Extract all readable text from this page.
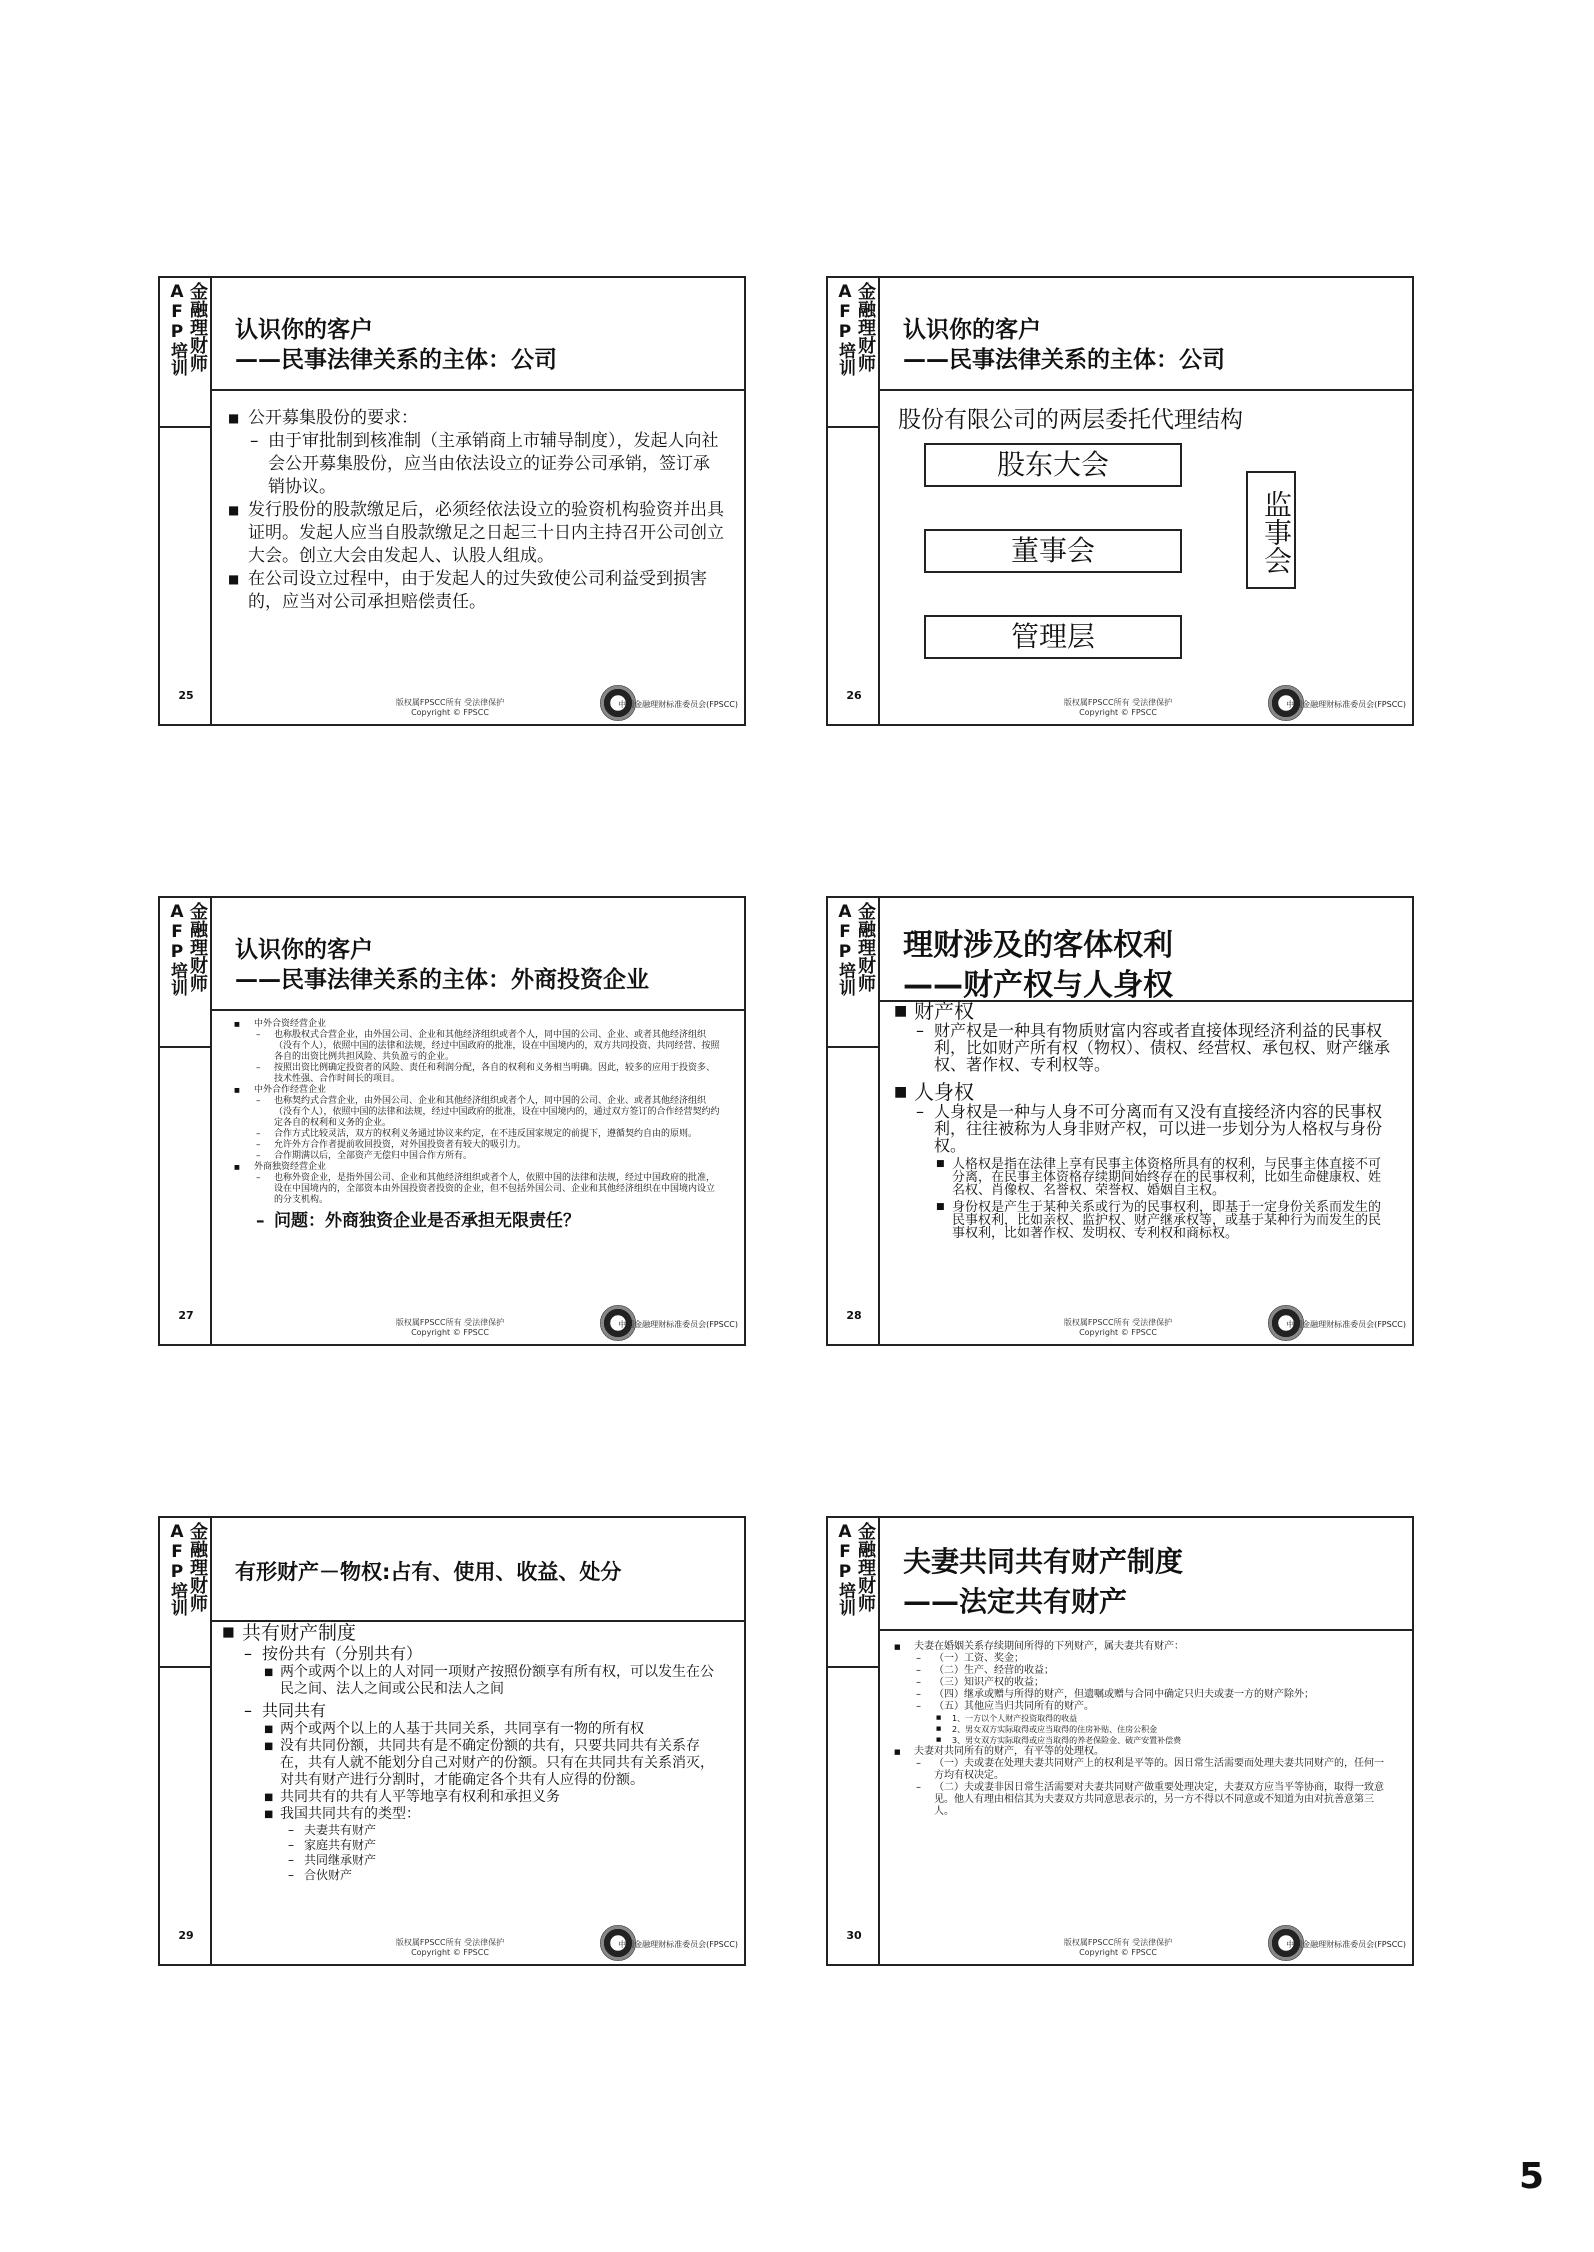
AFP培训 金融理财师
25
认识你的客户
——民事法律关系的主体：公司
■ 公开募集股份的要求：
– 由于审批制到核准制（主承销商上市辅导制度），发起人向社会公开募集股份，应当由依法设立的证券公司承销，签订承销协议。
■ 发行股份的股款缴足后，必须经依法设立的验资机构验资并出具证明。发起人应当自股款缴足之日起三十日内主持召开公司创立大会。创立大会由发起人、认股人组成。
■ 在公司设立过程中，由于发起人的过失致使公司利益受到损害的，应当对公司承担赔偿责任。
版权属FPSCC所有 受法律保护
Copyright © FPSCC
中国金融理财标准委员会(FPSCC)
AFP培训 金融理财师
26
认识你的客户
——民事法律关系的主体：公司
股份有限公司的两层委托代理结构
股东大会
董事会
管理层
监事会
版权属FPSCC所有 受法律保护
Copyright © FPSCC
中国金融理财标准委员会(FPSCC)
AFP培训 金融理财师
27
认识你的客户
——民事法律关系的主体：外商投资企业
■ 中外合资经营企业
– 也称股权式合营企业，由外国公司、企业和其他经济组织或者个人，同中国的公司、企业、或者其他经济组织（没有个人），依照中国的法律和法规，经过中国政府的批准，设在中国境内的，双方共同投资、共同经营、按照各自的出资比例共担风险、共负盈亏的企业。
– 按照出资比例确定投资者的风险、责任和利润分配，各自的权利和义务相当明确。因此，较多的应用于投资多、技术性强、合作时间长的项目。
■ 中外合作经营企业
– 也称契约式合营企业，由外国公司、企业和其他经济组织或者个人，同中国的公司、企业、或者其他经济组织（没有个人），依照中国的法律和法规，经过中国政府的批准，设在中国境内的，通过双方签订的合作经营契约约定各自的权利和义务的企业。
– 合作方式比较灵活，双方的权利义务通过协议来约定，在不违反国家规定的前提下，遵循契约自由的原则。
– 允许外方合作者提前收回投资，对外国投资者有较大的吸引力。
– 合作期满以后，全部资产无偿归中国合作方所有。
■ 外商独资经营企业
– 也称外资企业，是指外国公司、企业和其他经济组织或者个人，依照中国的法律和法规，经过中国政府的批准，设在中国境内的，全部资本由外国投资者投资的企业，但不包括外国公司、企业和其他经济组织在中国境内设立的分支机构。
– 问题：外商独资企业是否承担无限责任？
版权属FPSCC所有 受法律保护
Copyright © FPSCC
中国金融理财标准委员会(FPSCC)
AFP培训 金融理财师
28
理财涉及的客体权利
——财产权与人身权
■ 财产权
– 财产权是一种具有物质财富内容或者直接体现经济利益的民事权利，比如财产所有权（物权）、债权、经营权、承包权、财产继承权、著作权、专利权等。
■ 人身权
– 人身权是一种与人身不可分离而有又没有直接经济内容的民事权利，往往被称为人身非财产权，可以进一步划分为人格权与身份权。
■ 人格权是指在法律上享有民事主体资格所具有的权利，与民事主体直接不可分离，在民事主体资格存续期间始终存在的民事权利，比如生命健康权、姓名权、肖像权、名誉权、荣誉权、婚姻自主权。
■ 身份权是产生于某种关系或行为的民事权利，即基于一定身份关系而发生的民事权利，比如亲权、监护权、财产继承权等，或基于某种行为而发生的民事权利，比如著作权、发明权、专利权和商标权。
版权属FPSCC所有 受法律保护
Copyright © FPSCC
中国金融理财标准委员会(FPSCC)
AFP培训 金融理财师
29
有形财产－物权:占有、使用、收益、处分
■ 共有财产制度
– 按份共有（分别共有）
■ 两个或两个以上的人对同一项财产按照份额享有所有权，可以发生在公民之间、法人之间或公民和法人之间
– 共同共有
■ 两个或两个以上的人基于共同关系，共同享有一物的所有权
■ 没有共同份额，共同共有是不确定份额的共有，只要共同共有关系存在，共有人就不能划分自己对财产的份额。只有在共同共有关系消灭，对共有财产进行分割时，才能确定各个共有人应得的份额。
■ 共同共有的共有人平等地享有权利和承担义务
■ 我国共同共有的类型：
– 夫妻共有财产
– 家庭共有财产
– 共同继承财产
– 合伙财产
版权属FPSCC所有 受法律保护
Copyright © FPSCC
中国金融理财标准委员会(FPSCC)
AFP培训 金融理财师
30
夫妻共同共有财产制度
——法定共有财产
■ 夫妻在婚姻关系存续期间所得的下列财产，属夫妻共有财产：
– （一）工资、奖金；
– （二）生产、经营的收益；
– （三）知识产权的收益；
– （四）继承或赠与所得的财产，但遗嘱或赠与合同中确定只归夫或妻一方的财产除外；
– （五）其他应当归共同所有的财产。
■ 1、一方以个人财产投资取得的收益
■ 2、男女双方实际取得或应当取得的住房补贴、住房公积金
■ 3、男女双方实际取得或应当取得的养老保险金、破产安置补偿费
■ 夫妻对共同所有的财产，有平等的处理权。
– （一）夫或妻在处理夫妻共同财产上的权利是平等的。因日常生活需要而处理夫妻共同财产的，任何一方均有权决定。
– （二）夫或妻非因日常生活需要对夫妻共同财产做重要处理决定，夫妻双方应当平等协商，取得一致意见。他人有理由相信其为夫妻双方共同意思表示的，另一方不得以不同意或不知道为由对抗善意第三人。
版权属FPSCC所有 受法律保护
Copyright © FPSCC
中国金融理财标准委员会(FPSCC)
5
